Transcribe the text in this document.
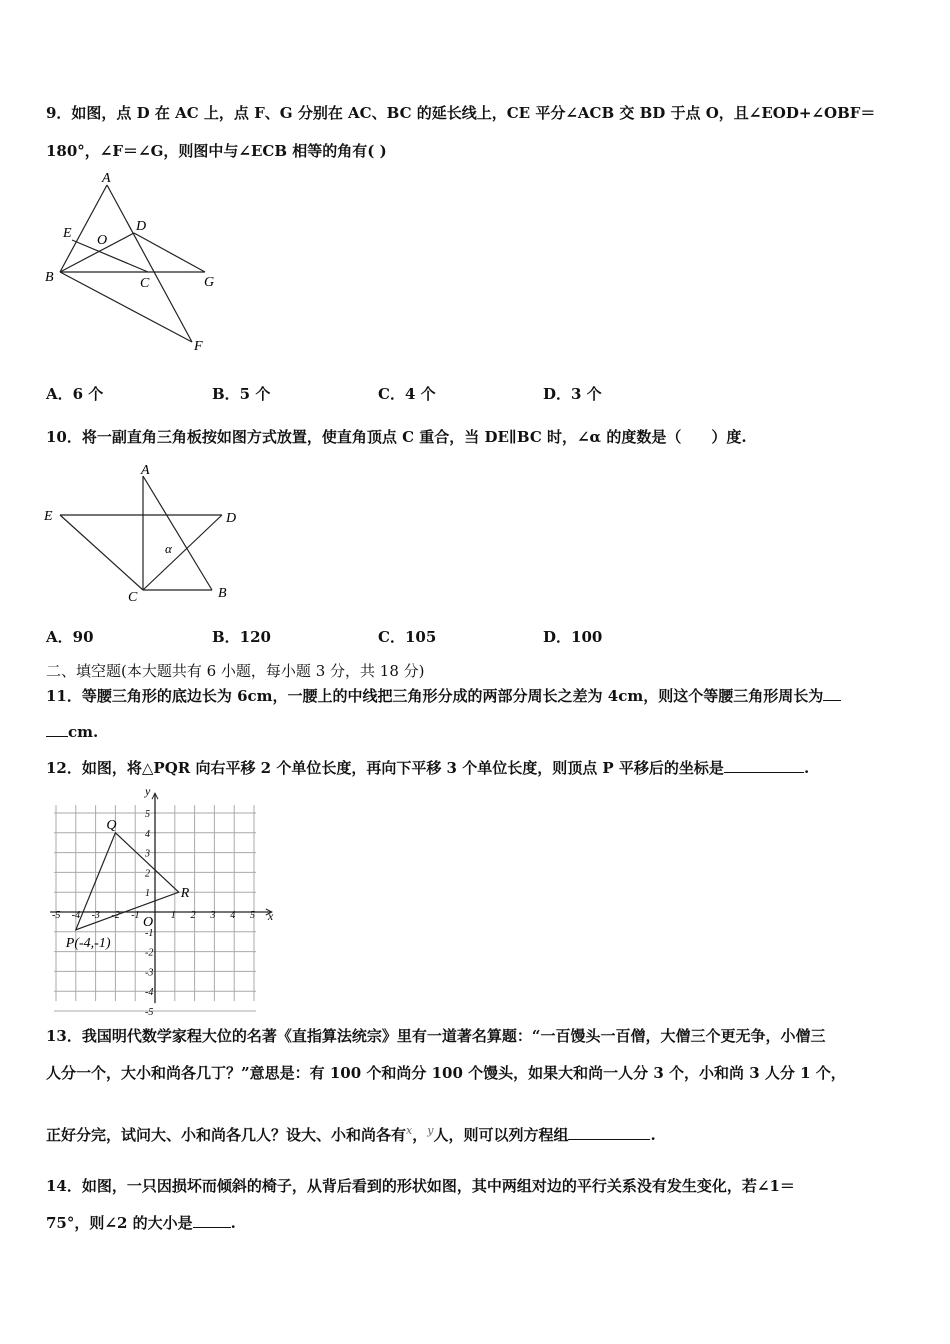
9．如图，点 D 在 AC 上，点 F、G 分别在 AC、BC 的延长线上，CE 平分∠ACB 交 BD 于点 O，且∠EOD+∠OBF＝
180°，∠F＝∠G，则图中与∠ECB 相等的角有( )
A
E	D
O
B	C	G
F
A．6 个	B．5 个	C．4 个	D．3 个
10．将一副直角三角板按如图方式放置，使直角顶点 C 重合，当 DE∥BC 时，∠α 的度数是（　　）度.
A
E	D
α
C	B
A．90	B．120	C．105	D．100
二、填空题(本大题共有 6 小题，每小题 3 分，共 18 分)
11．等腰三角形的底边长为 6cm，一腰上的中线把三角形分成的两部分周长之差为 4cm，则这个等腰三角形周长为
cm.
12．如图，将△PQR 向右平移 2 个单位长度，再向下平移 3 个单位长度，则顶点 P 平移后的坐标是	.
-5 -4 -3 -2 -1	1 2 3 4 5
5
4
3
2
1
-1
-2
-3
-4
-5
x
y
O
Q
R
P(-4,-1)
13．我国明代数学家程大位的名著《直指算法统宗》里有一道著名算题：“一百馒头一百僧，大僧三个更无争，小僧三
人分一个，大小和尚各几丁？”意思是：有 100 个和尚分 100 个馒头，如果大和尚一人分 3 个，小和尚 3 人分 1 个，
正好分完，试问大、小和尚各几人？设大、小和尚各有$^x$，$^y$人，则可以列方程组	.
14．如图，一只因损坏而倾斜的椅子，从背后看到的形状如图，其中两组对边的平行关系没有发生变化，若∠1＝
75°，则∠2 的大小是	.
